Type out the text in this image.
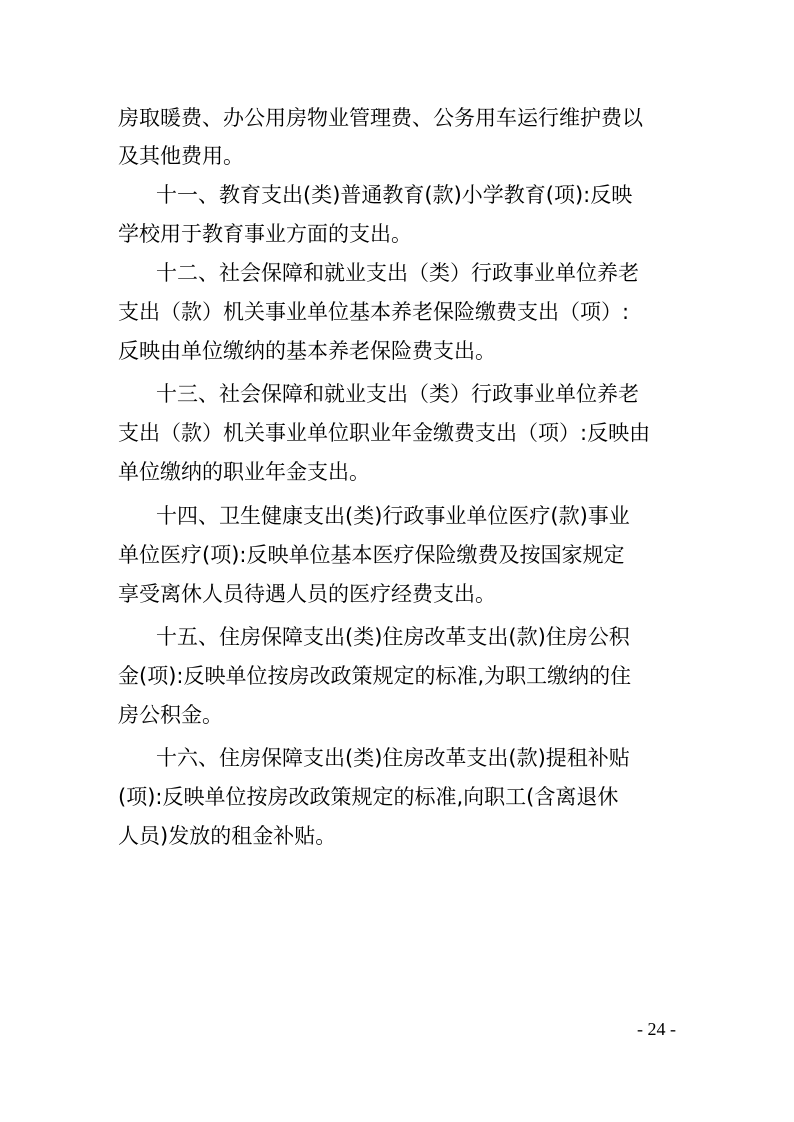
房取暖费、办公用房物业管理费、公务用车运行维护费以
及其他费用。
十一、教育支出(类)普通教育(款)小学教育(项):反映
学校用于教育事业方面的支出。
十二、社会保障和就业支出（类）行政事业单位养老
支出（款）机关事业单位基本养老保险缴费支出（项）:
反映由单位缴纳的基本养老保险费支出。
十三、社会保障和就业支出（类）行政事业单位养老
支出（款）机关事业单位职业年金缴费支出（项）:反映由
单位缴纳的职业年金支出。
十四、卫生健康支出(类)行政事业单位医疗(款)事业
单位医疗(项):反映单位基本医疗保险缴费及按国家规定
享受离休人员待遇人员的医疗经费支出。
十五、住房保障支出(类)住房改革支出(款)住房公积
金(项):反映单位按房改政策规定的标准,为职工缴纳的住
房公积金。
十六、住房保障支出(类)住房改革支出(款)提租补贴
(项):反映单位按房改政策规定的标准,向职工(含离退休
人员)发放的租金补贴。
- 24 -
